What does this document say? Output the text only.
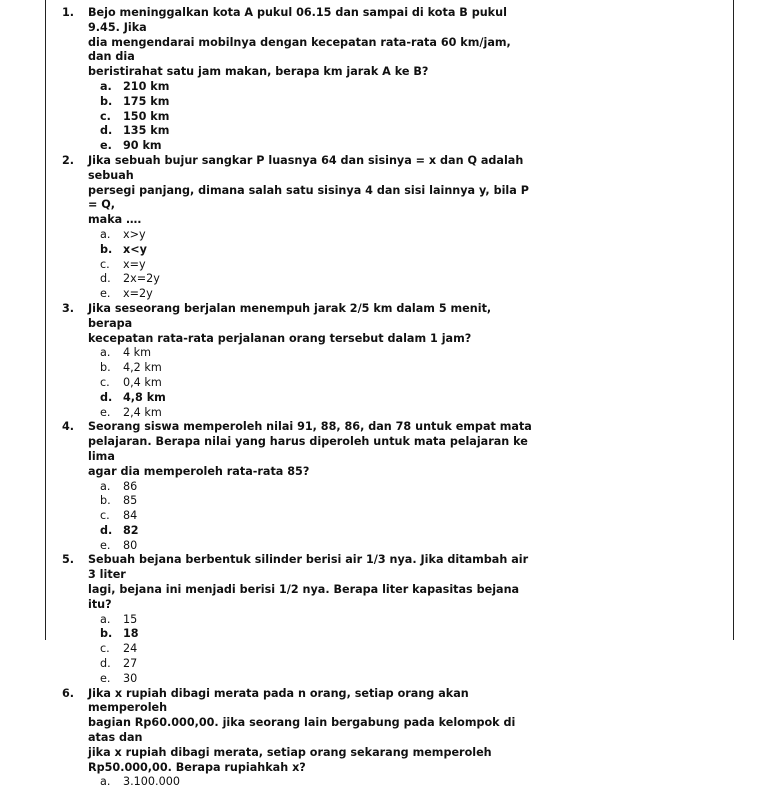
1.	Bejo meninggalkan kota A pukul 06.15 dan sampai di kota B pukul 9.45. Jika
dia mengendarai mobilnya dengan kecepatan rata-rata 60 km/jam, dan dia
beristirahat satu jam makan, berapa km jarak A ke B?
a. 210 km
b. 175 km
c.	150 km
d. 135 km
e. 90 km
2.	Jika sebuah bujur sangkar P luasnya 64 dan sisinya = x dan Q adalah sebuah
persegi panjang, dimana salah satu sisinya 4 dan sisi lainnya y, bila P = Q,
maka ….
a.	x>y
b. x<y
c.	x=y
d.	2x=2y
e.	x=2y
3.	Jika seseorang berjalan menempuh jarak 2/5 km dalam 5 menit, berapa
kecepatan rata-rata perjalanan orang tersebut dalam 1 jam?
a.	4 km
b.	4,2 km
c.	0,4 km
d. 4,8 km
e.	2,4 km
4.	Seorang siswa memperoleh nilai 91, 88, 86, dan 78 untuk empat mata
pelajaran. Berapa nilai yang harus diperoleh untuk mata pelajaran ke lima
agar dia memperoleh rata-rata 85?
a.	86
b.	85
c.	84
d. 82
e.	80
5.	Sebuah bejana berbentuk silinder berisi air 1/3 nya. Jika ditambah air 3 liter
lagi, bejana ini menjadi berisi 1/2 nya. Berapa liter kapasitas bejana itu?
a.	15
b. 18
c.	24
d.	27
e.	30
6.	Jika x rupiah dibagi merata pada n orang, setiap orang akan memperoleh
bagian Rp60.000,00. jika seorang lain bergabung pada kelompok di atas dan
jika x rupiah dibagi merata, setiap orang sekarang memperoleh
Rp50.000,00. Berapa rupiahkah x?
a.	3.100.000
